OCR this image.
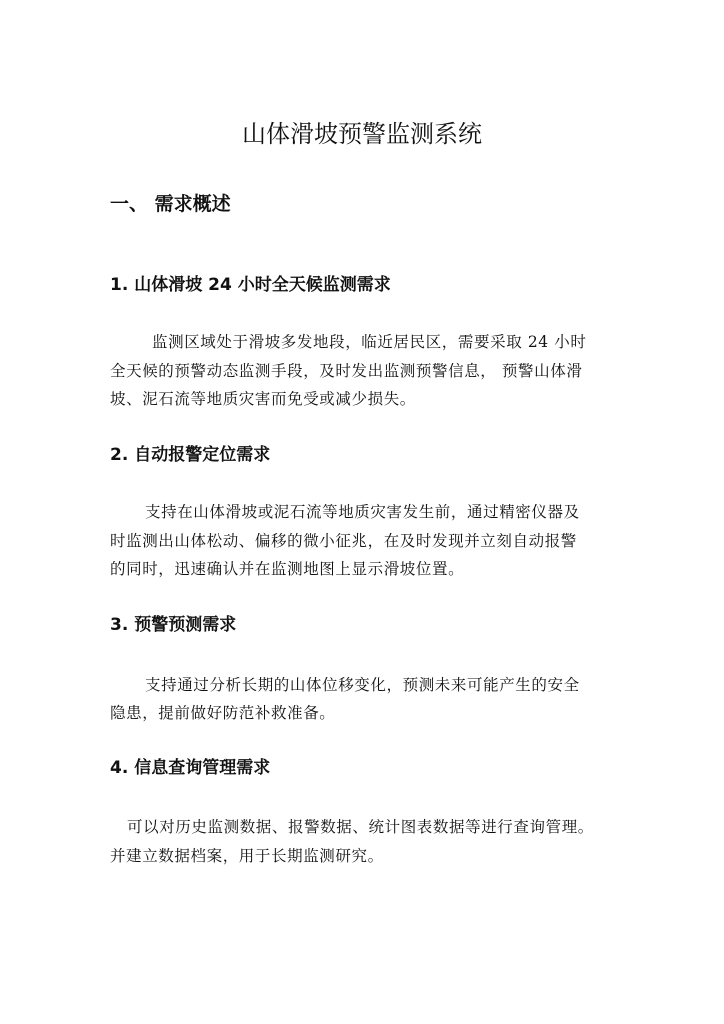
山体滑坡预警监测系统
一、 需求概述
1. 山体滑坡 24 小时全天候监测需求
监测区域处于滑坡多发地段，临近居民区，需要采取 24 小时
全天候的预警动态监测手段，及时发出监测预警信息， 预警山体滑
坡、泥石流等地质灾害而免受或减少损失。
2. 自动报警定位需求
支持在山体滑坡或泥石流等地质灾害发生前，通过精密仪器及
时监测出山体松动、偏移的微小征兆，在及时发现并立刻自动报警
的同时，迅速确认并在监测地图上显示滑坡位置。
3. 预警预测需求
支持通过分析长期的山体位移变化，预测未来可能产生的安全
隐患，提前做好防范补救准备。
4. 信息查询管理需求
可以对历史监测数据、报警数据、统计图表数据等进行查询管理。
并建立数据档案，用于长期监测研究。
